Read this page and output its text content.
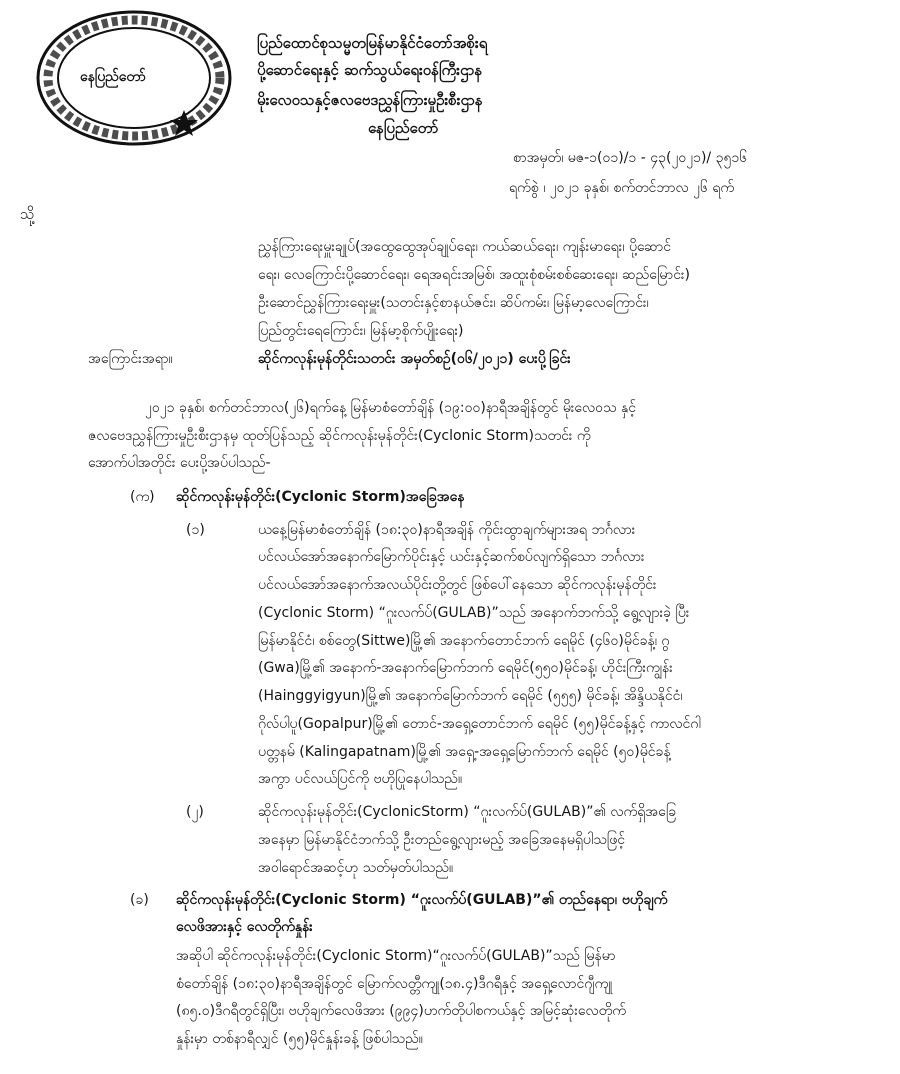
နေပြည်တော်
ပြည်ထောင်စုသမ္မတမြန်မာနိုင်ငံတော်အစိုးရ
ပို့ဆောင်ရေးနှင့် ဆက်သွယ်ရေးဝန်ကြီးဌာန
မိုးလေဝသနှင့်ဇလဗေဒညွှန်ကြားမှုဦးစီးဌာန
နေပြည်တော်
စာအမှတ်၊ မဇ-၁(၀၁)/၁ - ၄၃(၂၀၂၁)/ ၃၅၁၆
ရက်စွဲ ၊ ၂၀၂၁ ခုနှစ်၊ စက်တင်ဘာလ ၂၆ ရက်
သို့
ညွှန်ကြားရေးမှူးချုပ်(အထွေထွေအုပ်ချုပ်ရေး၊ ကယ်ဆယ်ရေး၊ ကျန်းမာရေး၊ ပို့ဆောင်
ရေး၊ လေကြောင်းပို့ဆောင်ရေး၊ ရေအရင်းအမြစ်၊ အထူးစုံစမ်းစစ်ဆေးရေး၊ ဆည်မြောင်း)
ဦးဆောင်ညွှန်ကြားရေးမှူး(သတင်းနှင့်စာနယ်ဇင်း၊ ဆိပ်ကမ်း၊ မြန်မာ့လေကြောင်း၊
ပြည်တွင်းရေကြောင်း၊ မြန်မာ့စိုက်ပျိုးရေး)
အကြောင်းအရာ။	ဆိုင်ကလုန်းမုန်တိုင်းသတင်း အမှတ်စဉ်(၀၆/၂၀၂၁) ပေးပို့ခြင်း
၂၀၂၁ ခုနှစ်၊ စက်တင်ဘာလ(၂၆)ရက်နေ့ မြန်မာစံတော်ချိန် (၁၉:၀၀)နာရီအချိန်တွင် မိုးလေဝသ နှင့်
ဇလဗေဒညွှန်ကြားမှုဦးစီးဌာနမှ ထုတ်ပြန်သည့် ဆိုင်ကလုန်းမုန်တိုင်း(Cyclonic Storm)သတင်း ကို
အောက်ပါအတိုင်း ပေးပို့အပ်ပါသည်-
(က) ဆိုင်ကလုန်းမုန်တိုင်း(Cyclonic Storm)အခြေအနေ
(၁)	ယနေ့မြန်မာစံတော်ချိန် (၁၈:၃၀)နာရီအချိန် ကိုင်းထွာချက်များအရ ဘင်္ဂလား
ပင်လယ်အော်အနောက်မြောက်ပိုင်းနှင့် ယင်းနှင့်ဆက်စပ်လျက်ရှိသော ဘင်္ဂလား
ပင်လယ်အော်အနောက်အလယ်ပိုင်းတို့တွင် ဖြစ်ပေါ်နေသော ဆိုင်ကလုန်းမုန်တိုင်း
(Cyclonic Storm) “ဂူးလက်ပ်(GULAB)”သည် အနောက်ဘက်သို့ ရွေ့လျားခဲ့ ပြီး
မြန်မာနိုင်ငံ၊ စစ်တွေ(Sittwe)မြို့၏ အနောက်တောင်ဘက် ရေမိုင် (၄၆၀)မိုင်ခန့်၊ ဂွ
(Gwa)မြို့၏ အနောက်-အနောက်မြောက်ဘက် ရေမိုင်(၅၅၀)မိုင်ခန့်၊ ဟိုင်းကြီးကျွန်း
(Hainggyigyun)မြို့၏ အနောက်မြောက်ဘက် ရေမိုင် (၅၅၅) မိုင်ခန့်၊ အိန္ဒိယနိုင်ငံ၊
ဂိုလ်ပါပူ(Gopalpur)မြို့၏ တောင်-အရှေ့တောင်ဘက် ရေမိုင် (၅၅)မိုင်ခန့်နှင့် ကာလင်ဂါ
ပတ္တနမ် (Kalingapatnam)မြို့၏ အရှေ့-အရှေ့မြောက်ဘက် ရေမိုင် (၅၀)မိုင်ခန့်
အကွာ ပင်လယ်ပြင်ကို ဗဟိုပြုနေပါသည်။
(၂)	ဆိုင်ကလုန်းမုန်တိုင်း(CyclonicStorm) “ဂူးလက်ပ်(GULAB)”၏ လက်ရှိအခြေ
အနေမှာ မြန်မာနိုင်ငံဘက်သို့ ဦးတည်ရွေ့လျားမည့် အခြေအနေမရှိပါသဖြင့်
အဝါရောင်အဆင့်ဟု သတ်မှတ်ပါသည်။
(ခ) ဆိုင်ကလုန်းမုန်တိုင်း(Cyclonic Storm) “ဂူးလက်ပ်(GULAB)”၏ တည်နေရာ၊ ဗဟိုချက်
လေဖိအားနှင့် လေတိုက်နှုန်း
အဆိုပါ ဆိုင်ကလုန်းမုန်တိုင်း(Cyclonic Storm)“ဂူးလက်ပ်(GULAB)”သည် မြန်မာ
စံတော်ချိန် (၁၈:၃၀)နာရီအချိန်တွင် မြောက်လတ္တီကျု(၁၈.၄)ဒီဂရီနှင့် အရှေ့လောင်ဂျီကျု
(၈၅.၀)ဒီဂရီတွင်ရှိပြီး၊ ဗဟိုချက်လေဖိအား (၉၉၄)ဟက်တိုပါစကယ်နှင့် အမြင့်ဆုံးလေတိုက်
နှုန်းမှာ တစ်နာရီလျှင် (၅၅)မိုင်နှုန်းခန့် ဖြစ်ပါသည်။
